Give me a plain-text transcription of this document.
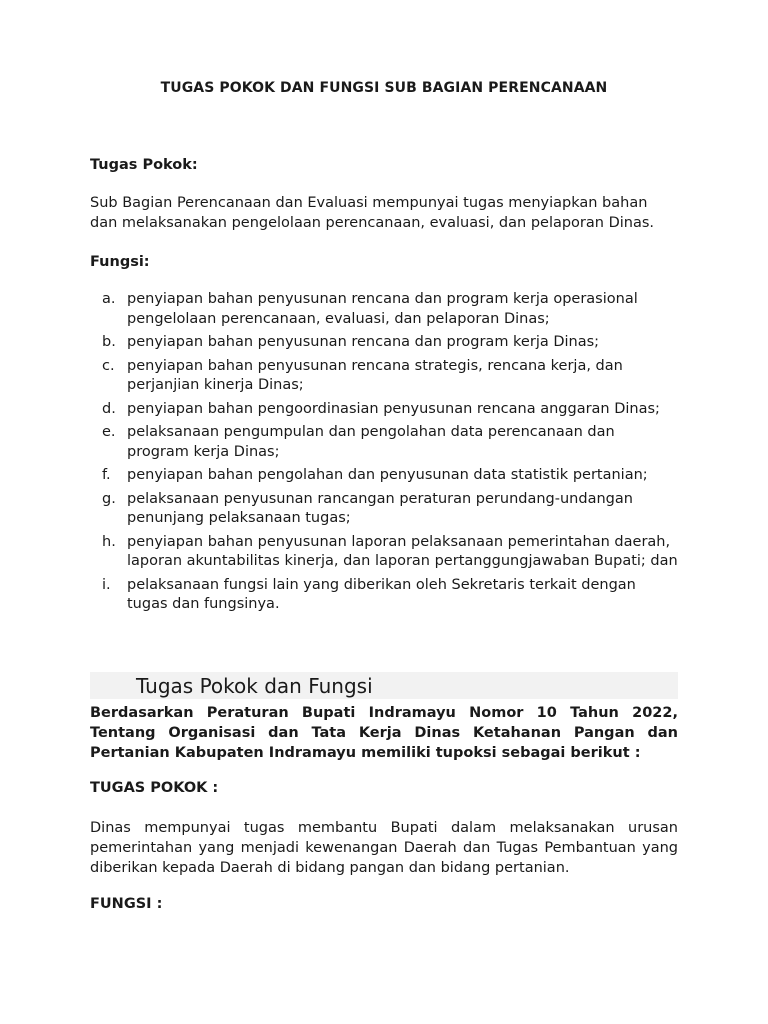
TUGAS POKOK DAN FUNGSI SUB BAGIAN PERENCANAAN
Tugas Pokok:
Sub Bagian Perencanaan dan Evaluasi mempunyai tugas menyiapkan bahan dan melaksanakan pengelolaan perencanaan, evaluasi, dan pelaporan Dinas.
Fungsi:
a. penyiapan bahan penyusunan rencana dan program kerja operasional pengelolaan perencanaan, evaluasi, dan pelaporan Dinas;
b. penyiapan bahan penyusunan rencana dan program kerja Dinas;
c. penyiapan bahan penyusunan rencana strategis, rencana kerja, dan perjanjian kinerja Dinas;
d. penyiapan bahan pengoordinasian penyusunan rencana anggaran Dinas;
e. pelaksanaan pengumpulan dan pengolahan data perencanaan dan program kerja Dinas;
f.	penyiapan bahan pengolahan dan penyusunan data statistik pertanian;
g. pelaksanaan penyusunan rancangan peraturan perundang-undangan penunjang pelaksanaan tugas;
h. penyiapan bahan penyusunan laporan pelaksanaan pemerintahan daerah, laporan akuntabilitas kinerja, dan laporan pertanggungjawaban Bupati; dan
i.	pelaksanaan fungsi lain yang diberikan oleh Sekretaris terkait dengan tugas dan fungsinya.
Tugas Pokok dan Fungsi
Berdasarkan Peraturan Bupati Indramayu Nomor 10 Tahun 2022, Tentang Organisasi dan Tata Kerja Dinas Ketahanan Pangan dan Pertanian Kabupaten Indramayu memiliki tupoksi sebagai berikut :
TUGAS POKOK :
Dinas mempunyai tugas membantu Bupati dalam melaksanakan urusan pemerintahan yang menjadi kewenangan Daerah dan Tugas Pembantuan yang diberikan kepada Daerah di bidang pangan dan bidang pertanian.
FUNGSI :
